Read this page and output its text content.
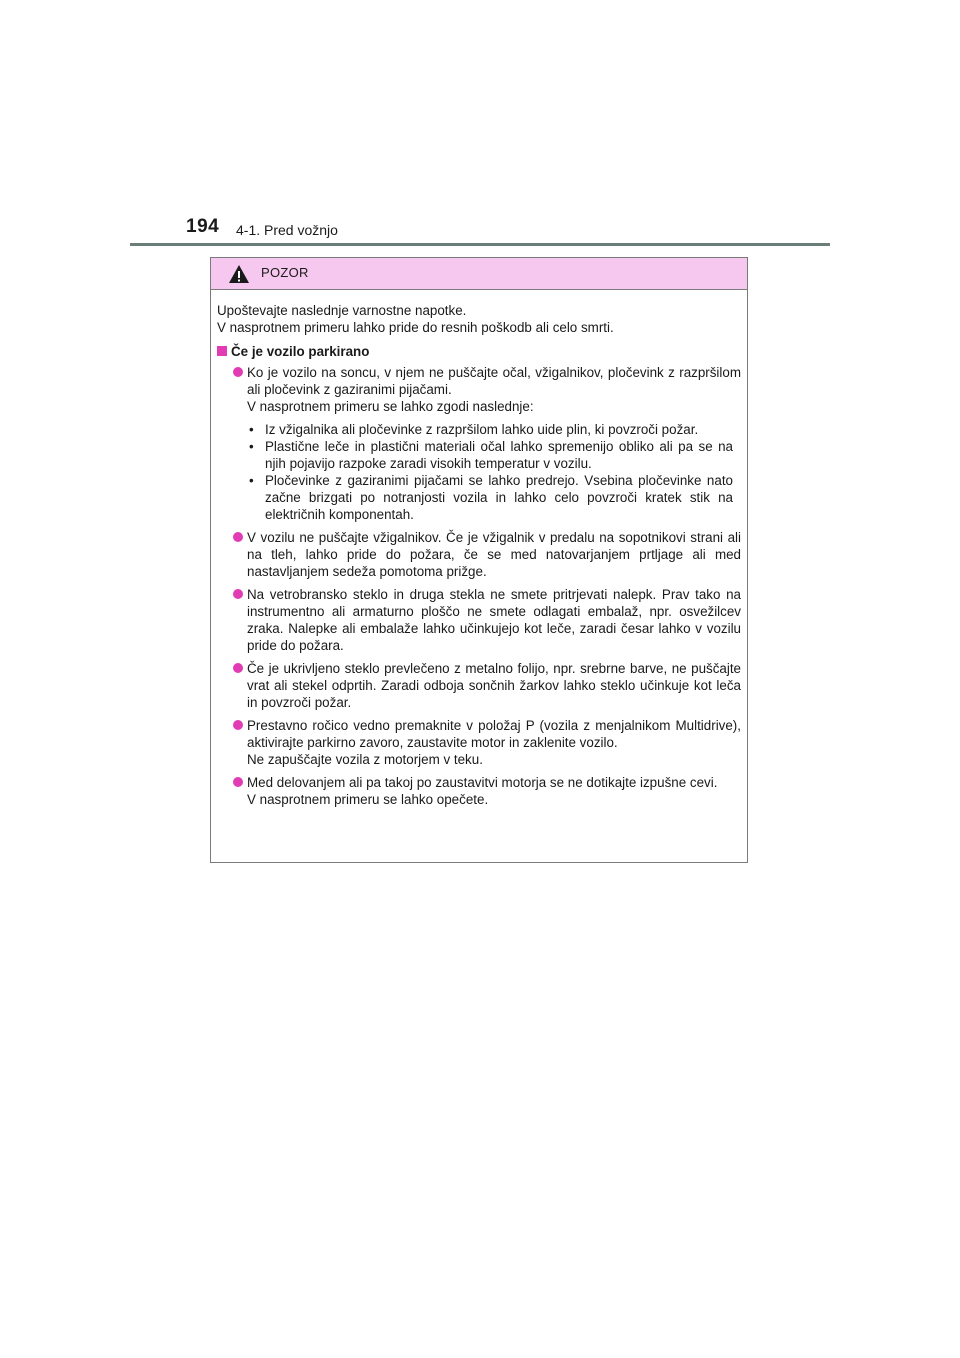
194 4-1. Pred vožnjo
POZOR

Upoštevajte naslednje varnostne napotke.
V nasprotnem primeru lahko pride do resnih poškodb ali celo smrti.

Če je vozilo parkirano
Ko je vozilo na soncu, v njem ne puščajte očal, vžigalnikov, pločevink z razpršilom ali pločevink z gaziranimi pijačami.
V nasprotnem primeru se lahko zgodi naslednje:
• Iz vžigalnika ali pločevinke z razpršilom lahko uide plin, ki povzroči požar.
• Plastične leče in plastični materiali očal lahko spremenijo obliko ali pa se na njih pojavijo razpoke zaradi visokih temperatur v vozilu.
• Pločevinke z gaziranimi pijačami se lahko predrejo. Vsebina pločevinke nato začne brizgati po notranjosti vozila in lahko celo povzroči kratek stik na električnih komponentah.
V vozilu ne puščajte vžigalnikov. Če je vžigalnik v predalu na sopotnikovi strani ali na tleh, lahko pride do požara, če se med natovarjanjem prtljage ali med nastavljanjem sedeža pomotoma prižge.
Na vetrobransko steklo in druga stekla ne smete pritrjevati nalepk. Prav tako na instrumentno ali armaturno ploščo ne smete odlagati embalaž, npr. osvežilcev zraka. Nalepke ali embalaže lahko učinkujejo kot leče, zaradi česar lahko v vozilu pride do požara.
Če je ukrivljeno steklo prevlečeno z metalno folijo, npr. srebrne barve, ne puščajte vrat ali stekel odprtih. Zaradi odboja sončnih žarkov lahko steklo učinkuje kot leča in povzroči požar.
Prestavno ročico vedno premaknite v položaj P (vozila z menjalnikom Multidrive), aktivirajte parkirno zavoro, zaustavite motor in zaklenite vozilo.
Ne zapuščajte vozila z motorjem v teku.
Med delovanjem ali pa takoj po zaustavitvi motorja se ne dotikajte izpušne cevi.
V nasprotnem primeru se lahko opečete.
